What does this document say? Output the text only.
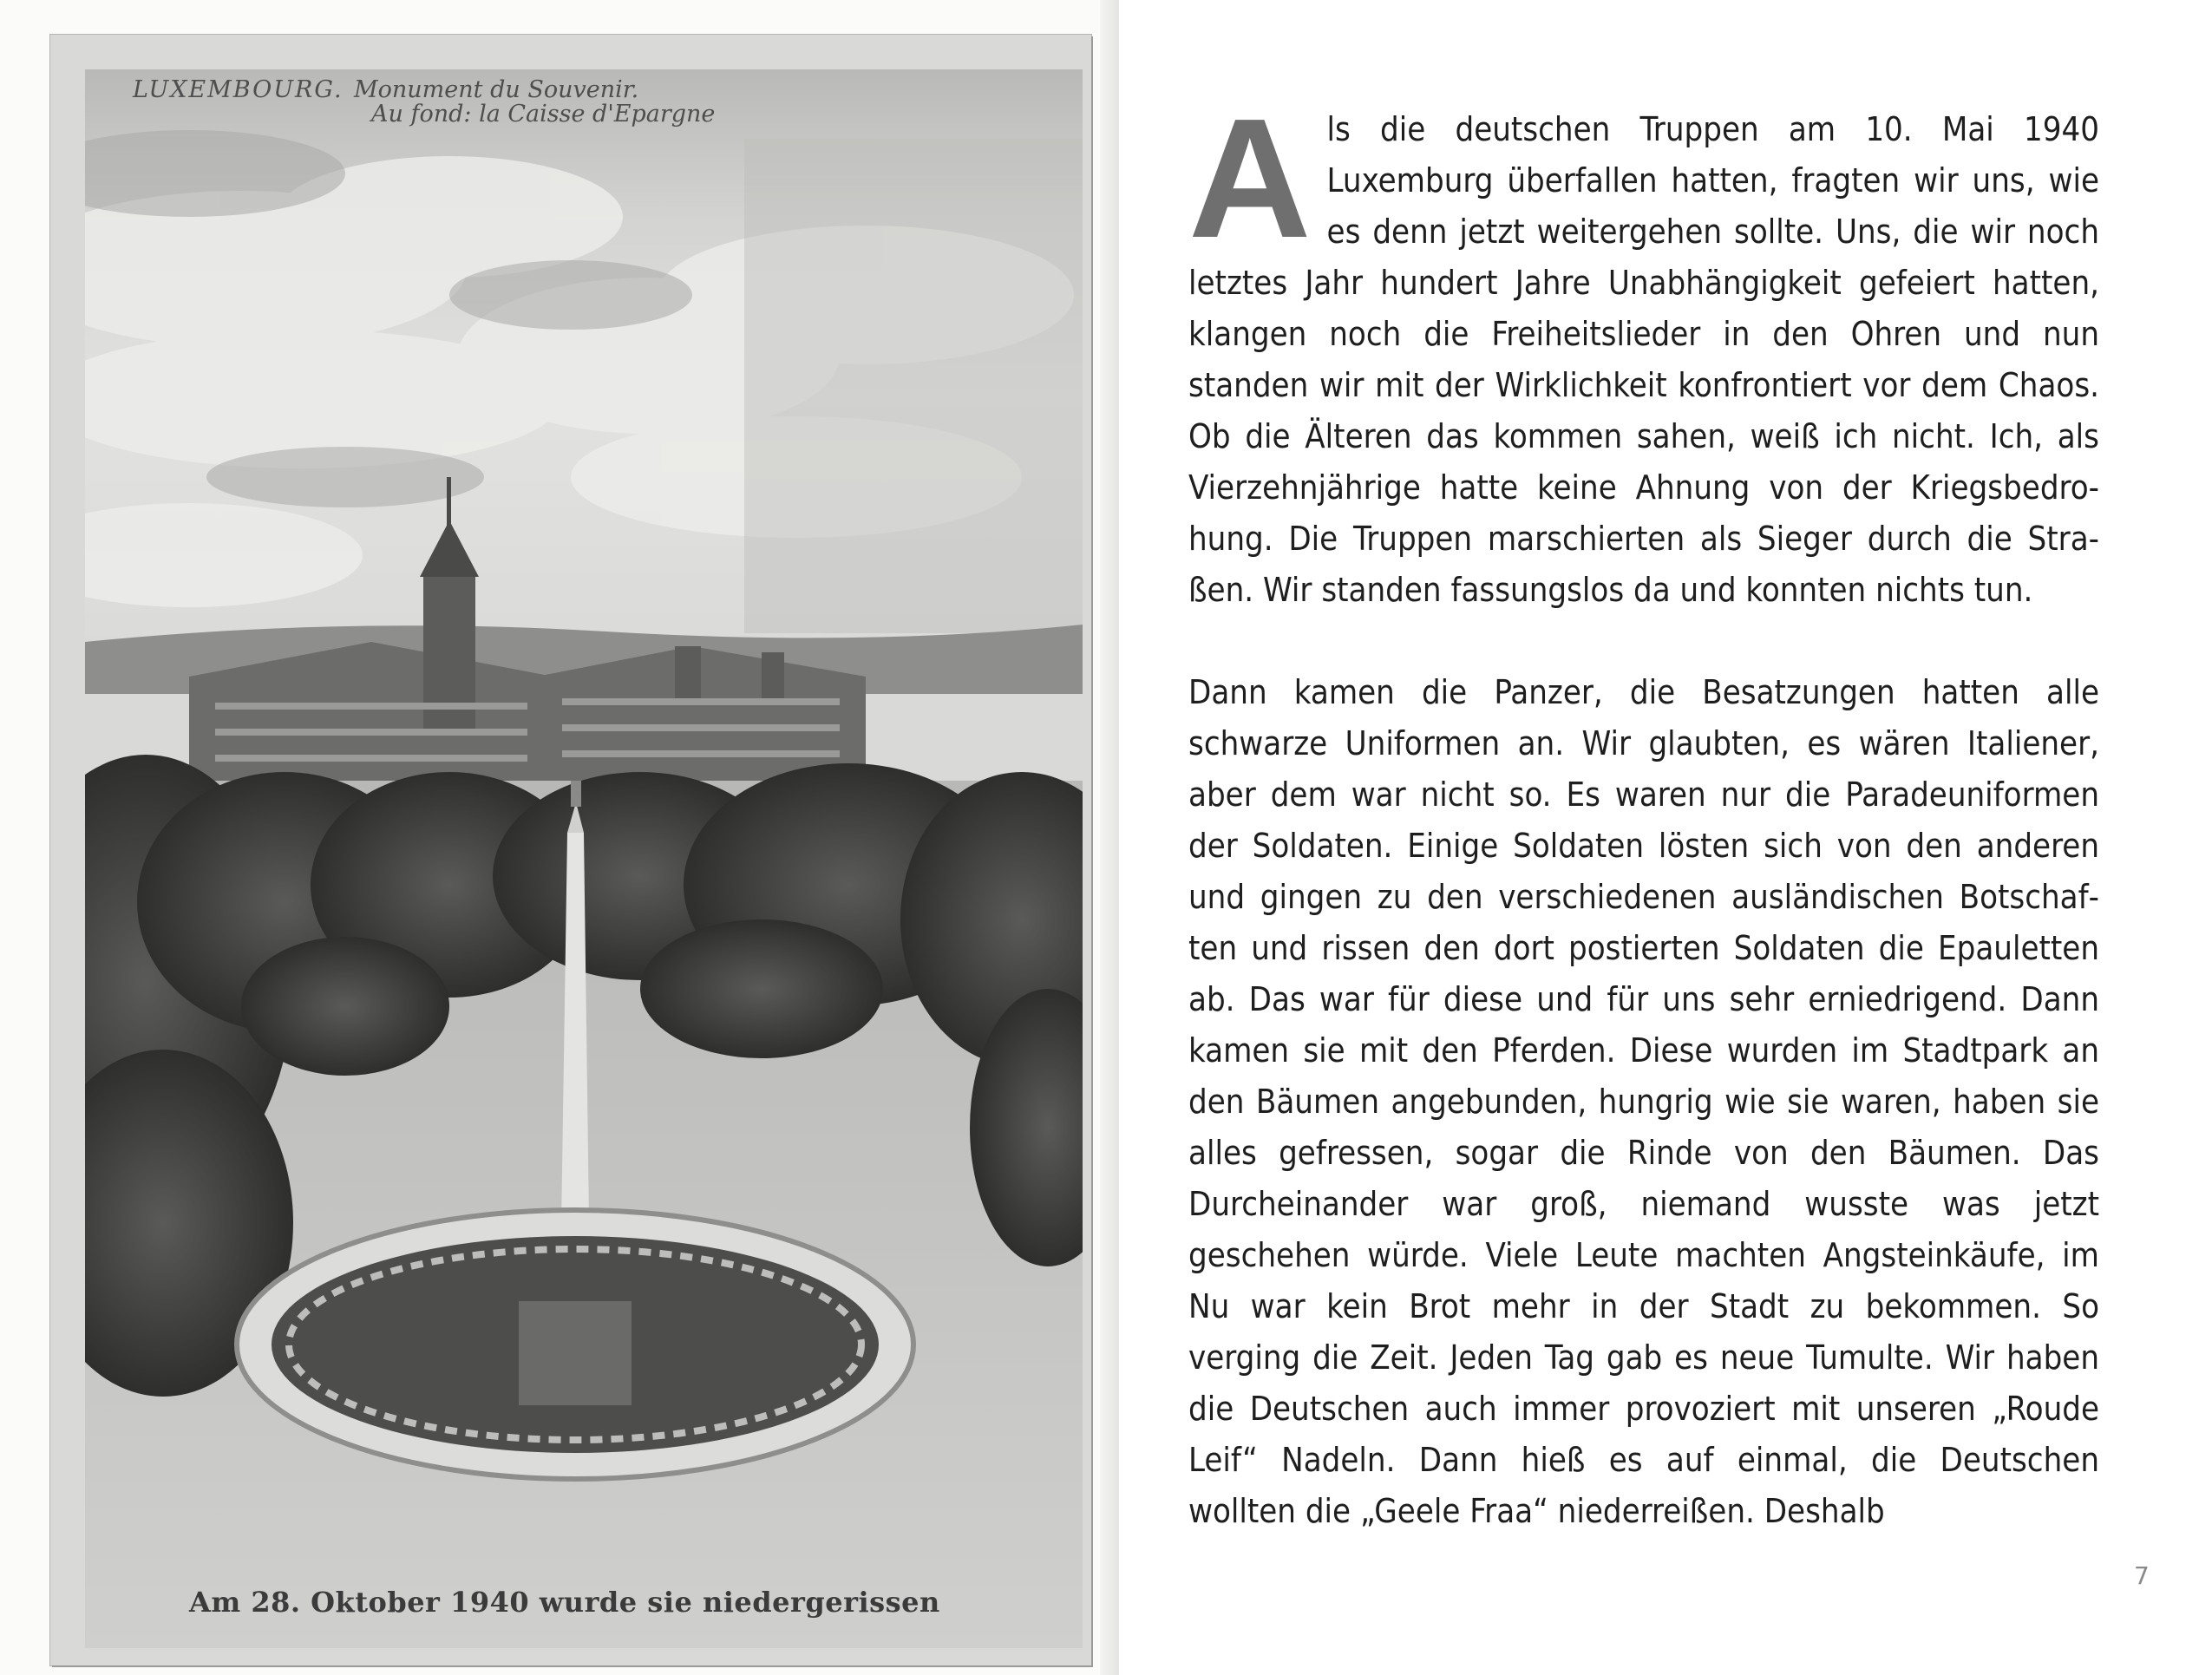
LUXEMBOURG. Monument du Souvenir.
Au fond: la Caisse d'Epargne
Am 28. Oktober 1940 wurde sie niedergerissen

Als die deutschen Truppen am 10. Mai 1940 Luxemburg überfallen hatten, fragten wir uns, wie es denn jetzt weitergehen sollte. Uns, die wir noch letztes Jahr hundert Jahre Unabhängigkeit gefeiert hatten, klangen noch die Freiheitslieder in den Ohren und nun standen wir mit der Wirklichkeit konfrontiert vor dem Chaos. Ob die Älteren das kommen sahen, weiß ich nicht. Ich, als Vierzehnjährige hatte keine Ahnung von der Kriegsbedrohung. Die Truppen marschierten als Sieger durch die Straßen. Wir standen fassungslos da und konnten nichts tun.

Dann kamen die Panzer, die Besatzungen hatten alle schwarze Uniformen an. Wir glaubten, es wären Italiener, aber dem war nicht so. Es waren nur die Paradeuniformen der Soldaten. Einige Soldaten lösten sich von den anderen und gingen zu den verschiedenen ausländischen Botschaften und rissen den dort postierten Soldaten die Epauletten ab. Das war für diese und für uns sehr erniedrigend. Dann kamen sie mit den Pferden. Diese wurden im Stadtpark an den Bäumen angebunden, hungrig wie sie waren, haben sie alles gefressen, sogar die Rinde von den Bäumen. Das Durcheinander war groß, niemand wusste was jetzt geschehen würde. Viele Leute machten Angsteinkäufe, im Nu war kein Brot mehr in der Stadt zu bekommen. So verging die Zeit. Jeden Tag gab es neue Tumulte. Wir haben die Deutschen auch immer provoziert mit unseren „Roude Leif“ Nadeln. Dann hieß es auf einmal, die Deutschen wollten die „Geele Fraa“ niederreißen. Deshalb

7
